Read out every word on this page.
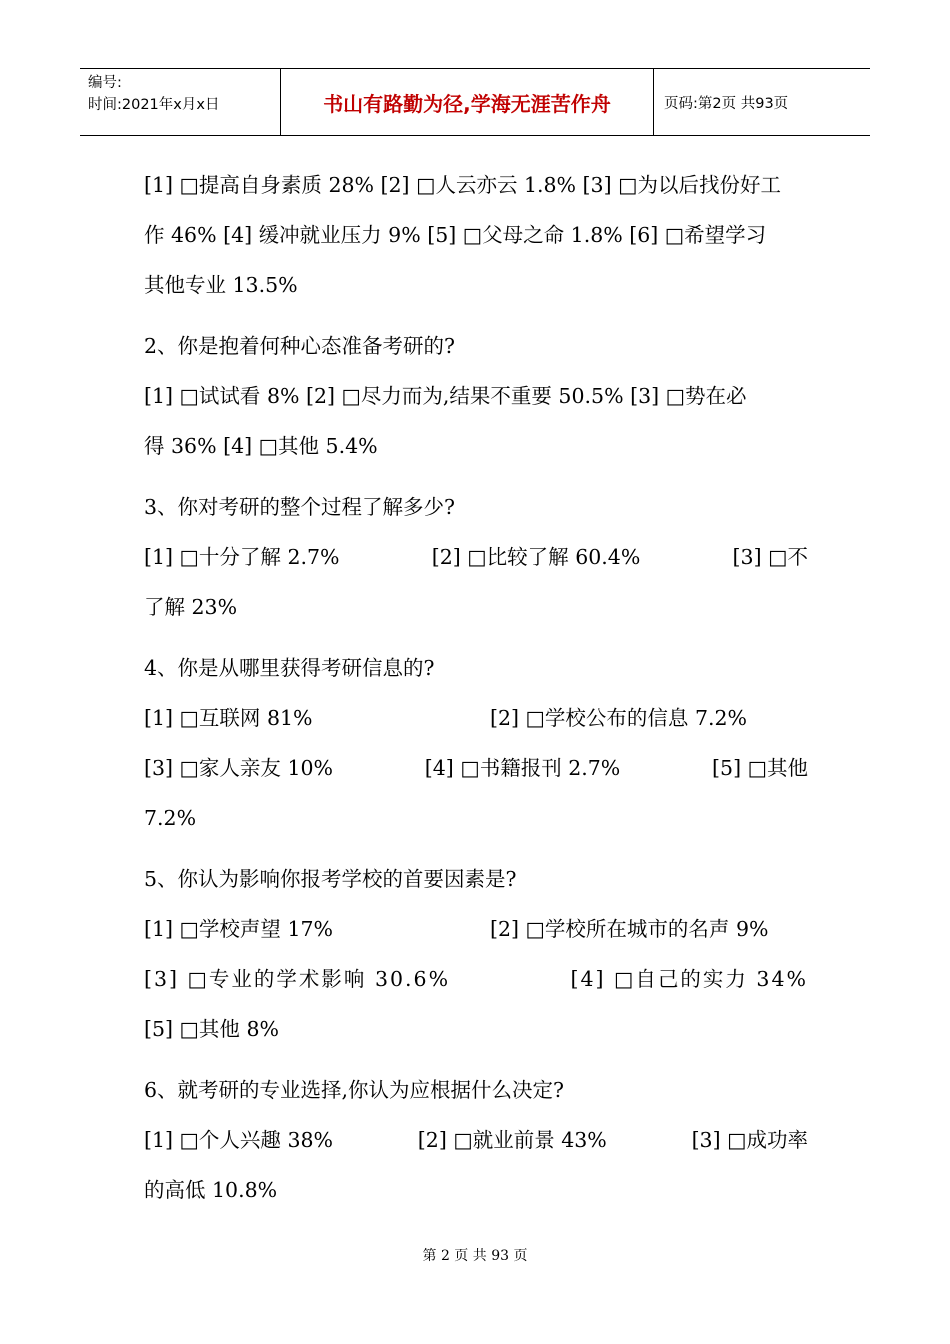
编号:
时间:2021年x月x日	书山有路勤为径,学海无涯苦作舟	页码:第2页 共93页
[1] □提高自身素质 28% [2] □人云亦云 1.8% [3] □为以后找份好工
作 46% [4] 缓冲就业压力 9% [5] □父母之命 1.8% [6] □希望学习
其他专业 13.5%
2、你是抱着何种心态准备考研的?
[1] □试试看 8% [2] □尽力而为,结果不重要 50.5% [3] □势在必
得 36% [4] □其他 5.4%
3、你对考研的整个过程了解多少?
[1] □十分了解 2.7%	[2] □比较了解 60.4%	[3] □不
了解 23%
4、你是从哪里获得考研信息的?
[1] □互联网 81%	[2] □学校公布的信息 7.2%
[3] □家人亲友 10%	[4] □书籍报刊 2.7%	[5] □其他
7.2%
5、你认为影响你报考学校的首要因素是?
[1] □学校声望 17%	[2] □学校所在城市的名声 9%
[3] □专业的学术影响 30.6%	[4] □自己的实力 34%
[5] □其他 8%
6、就考研的专业选择,你认为应根据什么决定?
[1] □个人兴趣 38%	[2] □就业前景 43%	[3] □成功率
的高低 10.8%
第 2 页 共 93 页
